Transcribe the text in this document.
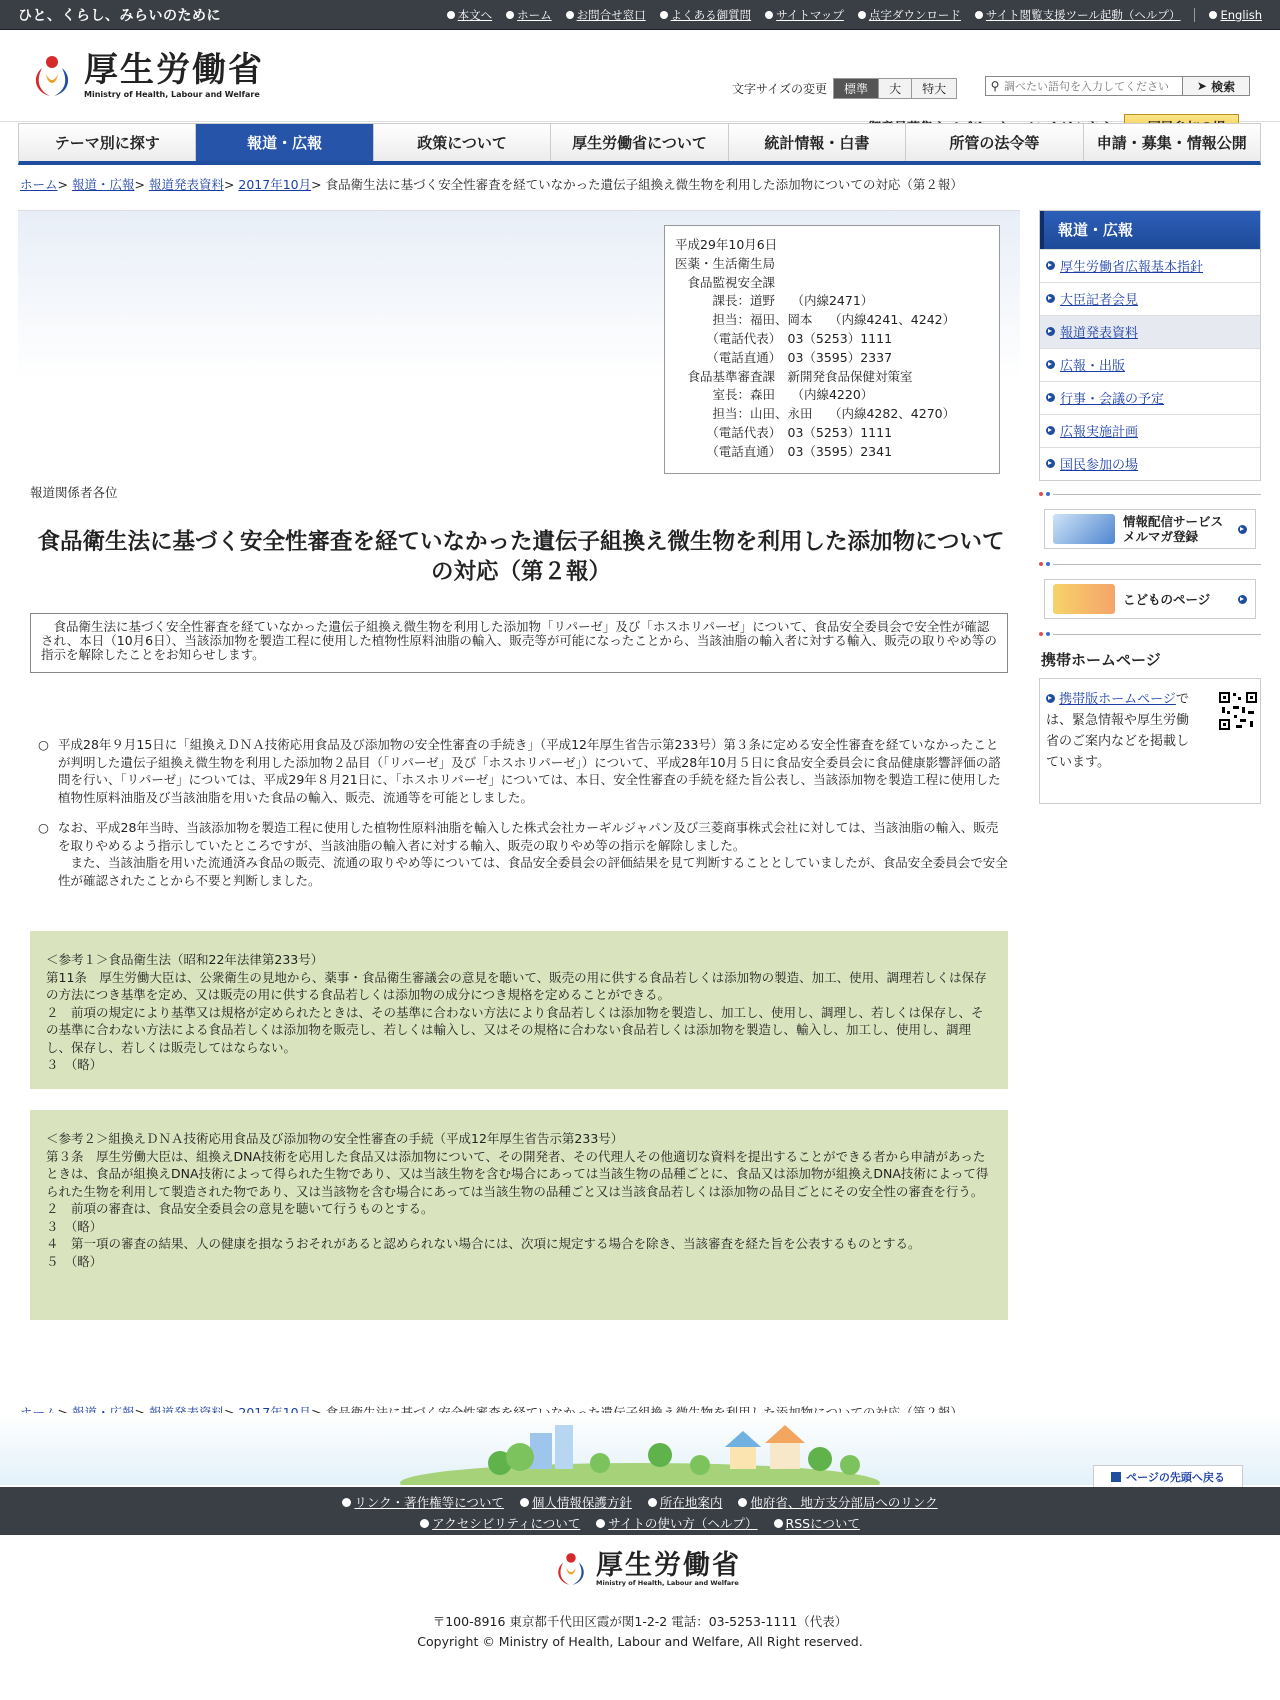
ひと、くらし、みらいのために	本文へ	ホーム	お問合せ窓口	よくある御質問	サイトマップ	点字ダウンロード	サイト閲覧支援ツール起動（ヘルプ）	English
厚生労働省
Ministry of Health, Labour and Welfare	文字サイズの変更	標準	大	特大	⚲
調べたい語句を入力してください	➤ 検索
テーマ別に探す	報道・広報	政策について	厚生労働省について	統計情報・白書	所管の法令等	申請・募集・情報公開
ホーム> 報道・広報> 報道発表資料> 2017年10月> 食品衛生法に基づく安全性審査を経ていなかった遺伝子組換え微生物を利用した添加物についての対応（第２報）
平成29年10月6日
医薬・生活衛生局
　食品監視安全課
　　　課長：道野　 （内線2471）
　　　担当：福田、岡本　 （内線4241、4242）
　　　（電話代表）　03（5253）1111
　　　（電話直通）　03（3595）2337
　食品基準審査課　新開発食品保健対策室
　　　室長：森田　 （内線4220）
　　　担当：山田、永田　 （内線4282、4270）
　　　（電話代表）　03（5253）1111
　　　（電話直通）　03（3595）2341
報道関係者各位
食品衛生法に基づく安全性審査を経ていなかった遺伝子組換え微生物を利用した添加物についての対応（第２報）
食品衛生法に基づく安全性審査を経ていなかった遺伝子組換え微生物を利用した添加物「リパーゼ」及び「ホスホリパーゼ」について、食品安全委員会で安全性が確認され、本日（10月6日）、当該添加物を製造工程に使用した植物性原料油脂の輸入、販売等が可能になったことから、当該油脂の輸入者に対する輸入、販売の取りやめ等の指示を解除したことをお知らせします。
○ 平成28年９月15日に「組換えＤＮＡ技術応用食品及び添加物の安全性審査の手続き」（平成12年厚生省告示第233号）第３条に定める安全性審査を経ていなかったことが判明した遺伝子組換え微生物を利用した添加物２品目（「リパーゼ」及び「ホスホリパーゼ」）について、平成28年10月５日に食品安全委員会に食品健康影響評価の諮問を行い、「リパーゼ」については、平成29年８月21日に、「ホスホリパーゼ」については、本日、安全性審査の手続を経た旨公表し、当該添加物を製造工程に使用した植物性原料油脂及び当該油脂を用いた食品の輸入、販売、流通等を可能としました。
○ なお、平成28年当時、当該添加物を製造工程に使用した植物性原料油脂を輸入した株式会社カーギルジャパン及び三菱商事株式会社に対しては、当該油脂の輸入、販売を取りやめるよう指示していたところですが、当該油脂の輸入者に対する輸入、販売の取りやめ等の指示を解除しました。
また、当該油脂を用いた流通済み食品の販売、流通の取りやめ等については、食品安全委員会の評価結果を見て判断することとしていましたが、食品安全委員会で安全性が確認されたことから不要と判断しました。
＜参考１＞食品衛生法（昭和22年法律第233号）
第11条　厚生労働大臣は、公衆衛生の見地から、薬事・食品衛生審議会の意見を聴いて、販売の用に供する食品若しくは添加物の製造、加工、使用、調理若しくは保存の方法につき基準を定め、又は販売の用に供する食品若しくは添加物の成分につき規格を定めることができる。
２　前項の規定により基準又は規格が定められたときは、その基準に合わない方法により食品若しくは添加物を製造し、加工し、使用し、調理し、若しくは保存し、その基準に合わない方法による食品若しくは添加物を販売し、若しくは輸入し、又はその規格に合わない食品若しくは添加物を製造し、輸入し、加工し、使用し、調理し、保存し、若しくは販売してはならない。
３　（略）
＜参考２＞組換えＤＮＡ技術応用食品及び添加物の安全性審査の手続（平成12年厚生省告示第233号）
第３条　厚生労働大臣は、組換えDNA技術を応用した食品又は添加物について、その開発者、その代理人その他適切な資料を提出することができる者から申請があったときは、食品が組換えDNA技術によって得られた生物であり、又は当該生物を含む場合にあっては当該生物の品種ごとに、食品又は添加物が組換えDNA技術によって得られた生物を利用して製造された物であり、又は当該物を含む場合にあっては当該生物の品種ごと又は当該食品若しくは添加物の品目ごとにその安全性の審査を行う。
２　前項の審査は、食品安全委員会の意見を聴いて行うものとする。
３　（略）
４　第一項の審査の結果、人の健康を損なうおそれがあると認められない場合には、次項に規定する場合を除き、当該審査を経た旨を公表するものとする。
５　（略）
報道・広報
厚生労働省広報基本指針
大臣記者会見
報道発表資料
広報・出版
行事・会議の予定
広報実施計画
国民参加の場
情報配信サービス
メルマガ登録
こどものページ
携帯ホームページ
携帯版ホームページでは、緊急情報や厚生労働省のご案内などを掲載しています。
ページの先頭へ戻る
リンク・著作権等について	個人情報保護方針	所在地案内	他府省、地方支分部局へのリンク
アクセシビリティについて	サイトの使い方（ヘルプ）	RSSについて
厚生労働省
Ministry of Health, Labour and Welfare
〒100-8916 東京都千代田区霞が関1-2-2 電話：03-5253-1111（代表）
Copyright © Ministry of Health, Labour and Welfare, All Right reserved.
